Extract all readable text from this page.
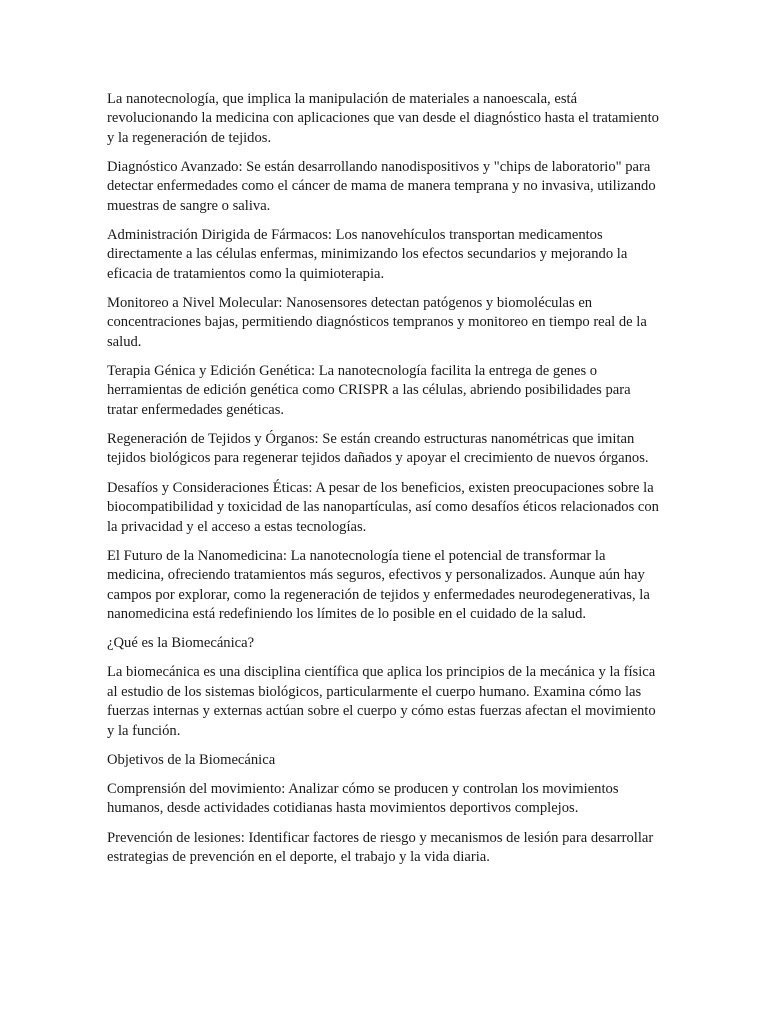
La nanotecnología, que implica la manipulación de materiales a nanoescala, está revolucionando la medicina con aplicaciones que van desde el diagnóstico hasta el tratamiento y la regeneración de tejidos.

Diagnóstico Avanzado: Se están desarrollando nanodispositivos y "chips de laboratorio" para detectar enfermedades como el cáncer de mama de manera temprana y no invasiva, utilizando muestras de sangre o saliva.

Administración Dirigida de Fármacos: Los nanovehículos transportan medicamentos directamente a las células enfermas, minimizando los efectos secundarios y mejorando la eficacia de tratamientos como la quimioterapia.

Monitoreo a Nivel Molecular: Nanosensores detectan patógenos y biomoléculas en concentraciones bajas, permitiendo diagnósticos tempranos y monitoreo en tiempo real de la salud.

Terapia Génica y Edición Genética: La nanotecnología facilita la entrega de genes o herramientas de edición genética como CRISPR a las células, abriendo posibilidades para tratar enfermedades genéticas.

Regeneración de Tejidos y Órganos: Se están creando estructuras nanométricas que imitan tejidos biológicos para regenerar tejidos dañados y apoyar el crecimiento de nuevos órganos.

Desafíos y Consideraciones Éticas: A pesar de los beneficios, existen preocupaciones sobre la biocompatibilidad y toxicidad de las nanopartículas, así como desafíos éticos relacionados con la privacidad y el acceso a estas tecnologías.

El Futuro de la Nanomedicina: La nanotecnología tiene el potencial de transformar la medicina, ofreciendo tratamientos más seguros, efectivos y personalizados. Aunque aún hay campos por explorar, como la regeneración de tejidos y enfermedades neurodegenerativas, la nanomedicina está redefiniendo los límites de lo posible en el cuidado de la salud.

¿Qué es la Biomecánica?

La biomecánica es una disciplina científica que aplica los principios de la mecánica y la física al estudio de los sistemas biológicos, particularmente el cuerpo humano. Examina cómo las fuerzas internas y externas actúan sobre el cuerpo y cómo estas fuerzas afectan el movimiento y la función.

Objetivos de la Biomecánica

Comprensión del movimiento: Analizar cómo se producen y controlan los movimientos humanos, desde actividades cotidianas hasta movimientos deportivos complejos.

Prevención de lesiones: Identificar factores de riesgo y mecanismos de lesión para desarrollar estrategias de prevención en el deporte, el trabajo y la vida diaria.
